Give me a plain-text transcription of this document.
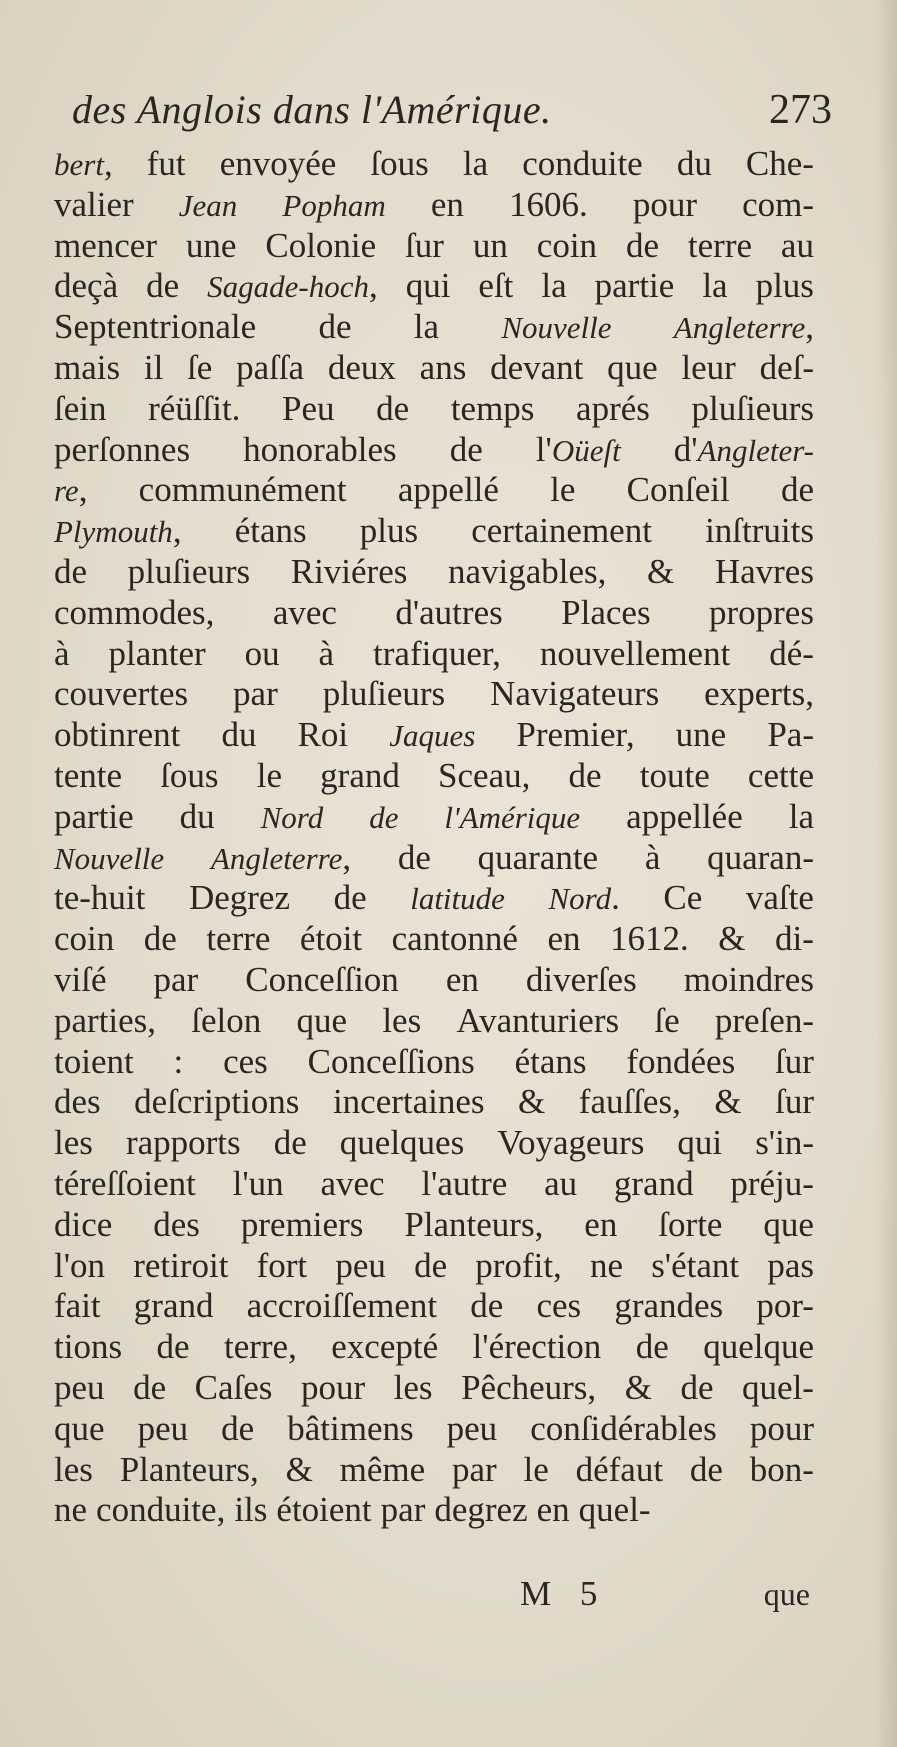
des Anglois dans l'Amérique.	273
bert, fut envoyée ſous la conduite du Che-
valier Jean Popham en 1606. pour com-
mencer une Colonie ſur un coin de terre au
deçà de Sagade-hoch, qui eſt la partie la plus
Septentrionale de la Nouvelle Angleterre,
mais il ſe paſſa deux ans devant que leur deſ-
ſein réüſſit. Peu de temps aprés pluſieurs
perſonnes honorables de l'Oüeſt d'Angleter-
re, communément appellé le Conſeil de
Plymouth, étans plus certainement inſtruits
de pluſieurs Riviéres navigables, & Havres
commodes, avec d'autres Places propres
à planter ou à trafiquer, nouvellement dé-
couvertes par pluſieurs Navigateurs experts,
obtinrent du Roi Jaques Premier, une Pa-
tente ſous le grand Sceau, de toute cette
partie du Nord de l'Amérique appellée la
Nouvelle Angleterre, de quarante à quaran-
te-huit Degrez de latitude Nord. Ce vaſte
coin de terre étoit cantonné en 1612. & di-
viſé par Conceſſion en diverſes moindres
parties, ſelon que les Avanturiers ſe preſen-
toient : ces Conceſſions étans fondées ſur
des deſcriptions incertaines & fauſſes, & ſur
les rapports de quelques Voyageurs qui s'in-
téreſſoient l'un avec l'autre au grand préju-
dice des premiers Planteurs, en ſorte que
l'on retiroit fort peu de profit, ne s'étant pas
fait grand accroiſſement de ces grandes por-
tions de terre, excepté l'érection de quelque
peu de Caſes pour les Pêcheurs, & de quel-
que peu de bâtimens peu conſidérables pour
les Planteurs, & même par le défaut de bon-
ne conduite, ils étoient par degrez en quel-
M 5	que
